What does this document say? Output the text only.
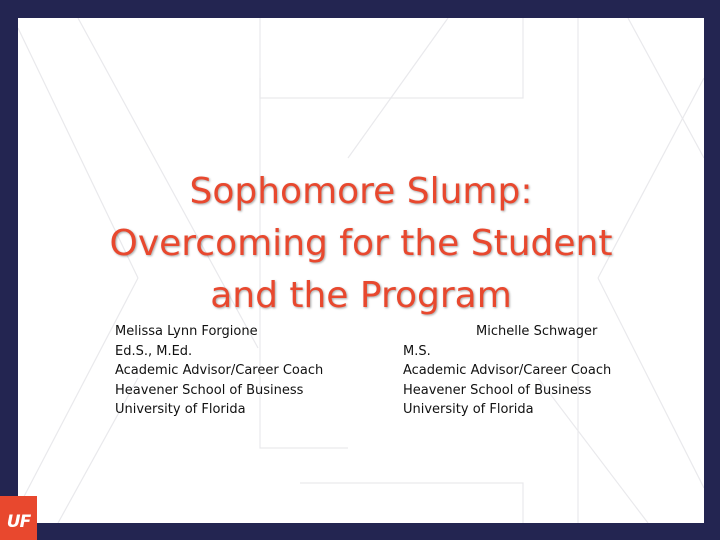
Sophomore Slump:
Overcoming for the Student
and the Program
Melissa Lynn Forgione
Ed.S., M.Ed.
Academic Advisor/Career Coach
Heavener School of Business
University of Florida
Michelle Schwager
M.S.
Academic Advisor/Career Coach
Heavener School of Business
University of Florida
UF
